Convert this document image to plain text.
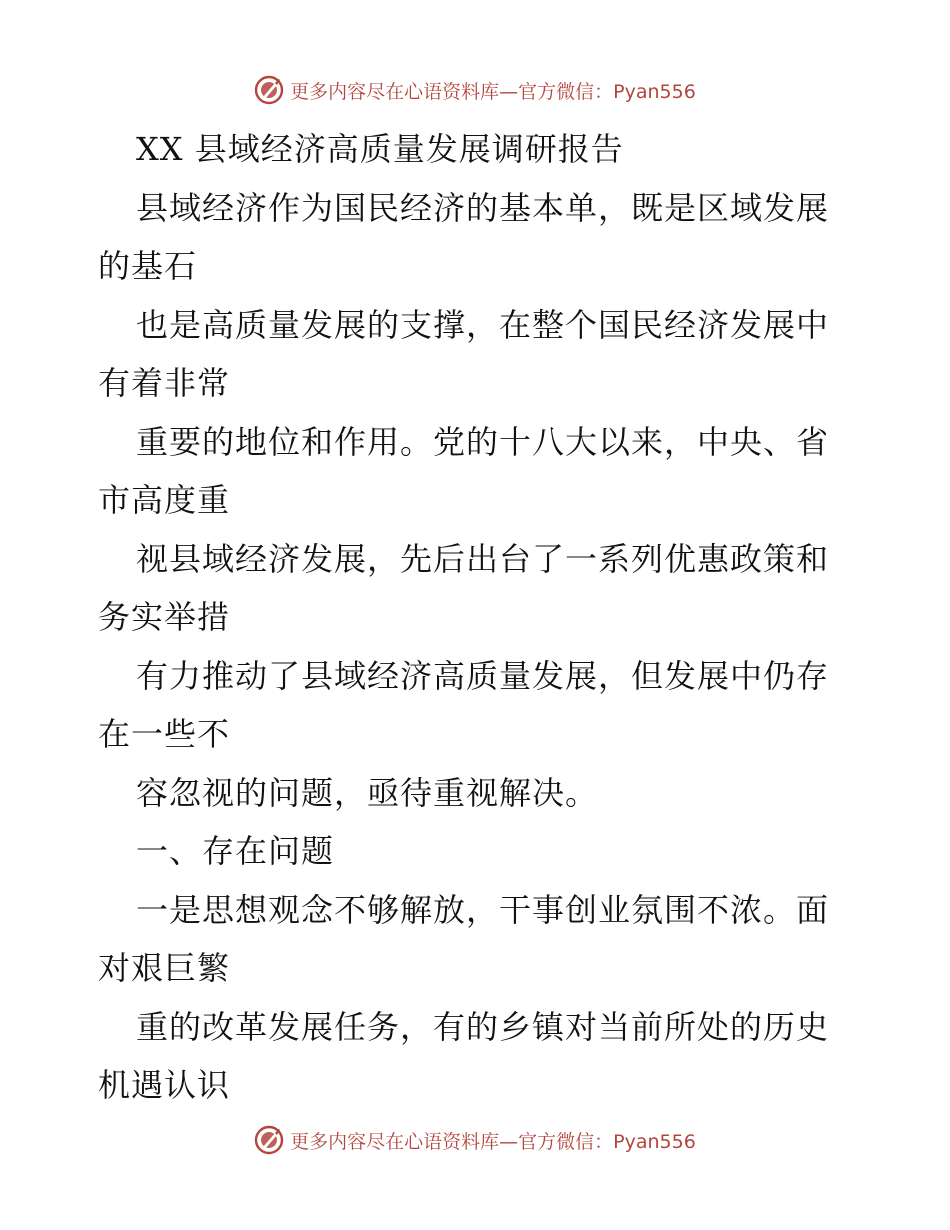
更多内容尽在心语资料库—官方微信：Pyan556
XX 县域经济高质量发展调研报告
县域经济作为国民经济的基本单，既是区域发展
的基石
也是高质量发展的支撑，在整个国民经济发展中
有着非常
重要的地位和作用。党的十八大以来，中央、省
市高度重
视县域经济发展，先后出台了一系列优惠政策和
务实举措
有力推动了县域经济高质量发展，但发展中仍存
在一些不
容忽视的问题，亟待重视解决。
一、存在问题
一是思想观念不够解放，干事创业氛围不浓。面
对艰巨繁
重的改革发展任务，有的乡镇对当前所处的历史
机遇认识
更多内容尽在心语资料库—官方微信：Pyan556
